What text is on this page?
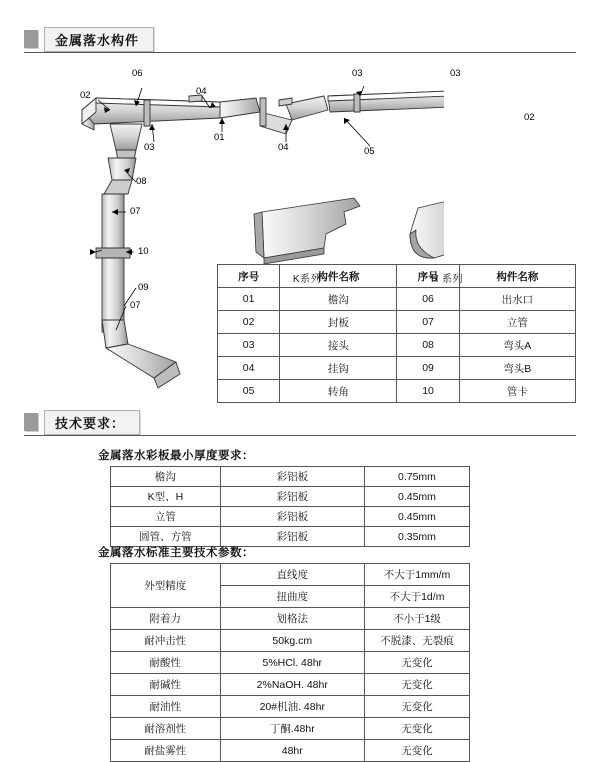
金属落水构件
06
02
03	03
04
03
01
04	05
02
08
07
10
09
07
K系列	H 系列
序号	构件名称	序号	构件名称
01	檐沟	06	出水口
02	封板	07	立管
03	接头	08	弯头A
04	挂钩	09	弯头B
05	转角	10	管卡
技术要求：
金属落水彩板最小厚度要求：
檐沟	彩铝板	0.75mm
K型、H	彩铝板	0.45mm
立管	彩铝板	0.45mm
圆管、方管	彩铝板	0.35mm
金属落水标准主要技术参数：
外型精度	直线度	不大于1mm/m
	扭曲度	不大于1d/m
附着力	划格法	不小于1级
耐冲击性	50kg.cm	不脱漆、无裂痕
耐酸性	5%HCl. 48hr	无变化
耐碱性	2%NaOH. 48hr	无变化
耐油性	20#机油. 48hr	无变化
耐溶剂性	丁酮.48hr	无变化
耐盐雾性	48hr	无变化
